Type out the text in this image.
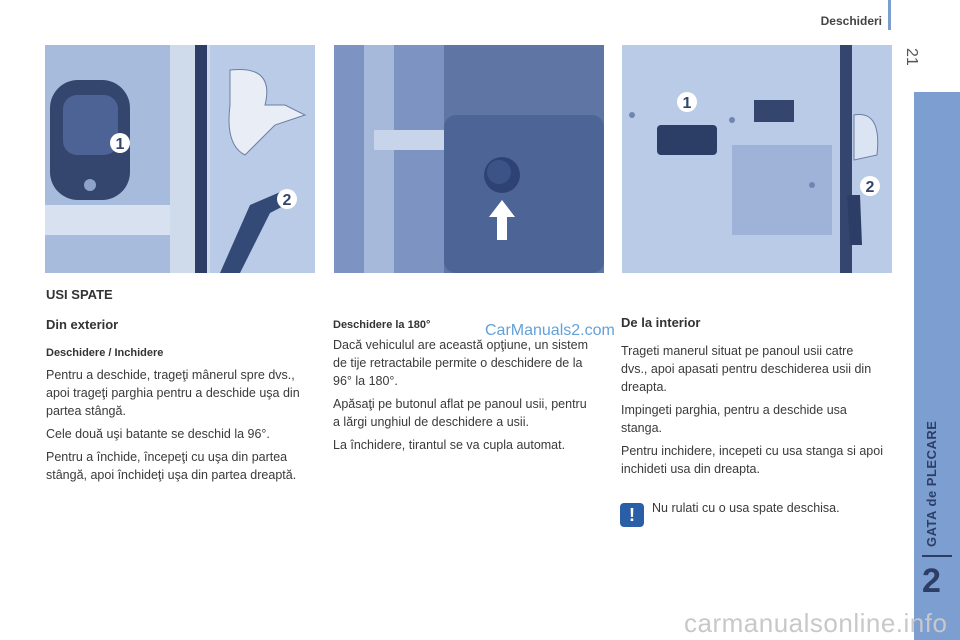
Deschideri
21
GATA de PLECARE
2
1
2
1
2
USI SPATE
Din exterior
Deschidere / Inchidere

Pentru a deschide, trageţi mânerul spre dvs., apoi trageţi parghia pentru a deschide uşa din partea stângă.

Cele două uşi batante se deschid la 96°.

Pentru a închide, începeţi cu uşa din partea stângă, apoi închideţi uşa din partea dreaptă.

Deschidere la 180°

Dacă vehiculul are această opţiune, un sistem de tije retractabile permite o deschidere de la 96° la 180°.

Apăsaţi pe butonul aflat pe panoul usii, pentru a lărgi unghiul de deschidere a usii.

La închidere, tirantul se va cupla automat.

CarManuals2.com De la interior

Trageti manerul situat pe panoul usii catre dvs., apoi apasati pentru deschiderea usii din dreapta.

Impingeti parghia, pentru a deschide usa stanga.

Pentru inchidere, incepeti cu usa stanga si apoi inchideti usa din dreapta.

!	Nu rulati cu o usa spate deschisa.
carmanualsonline.info
